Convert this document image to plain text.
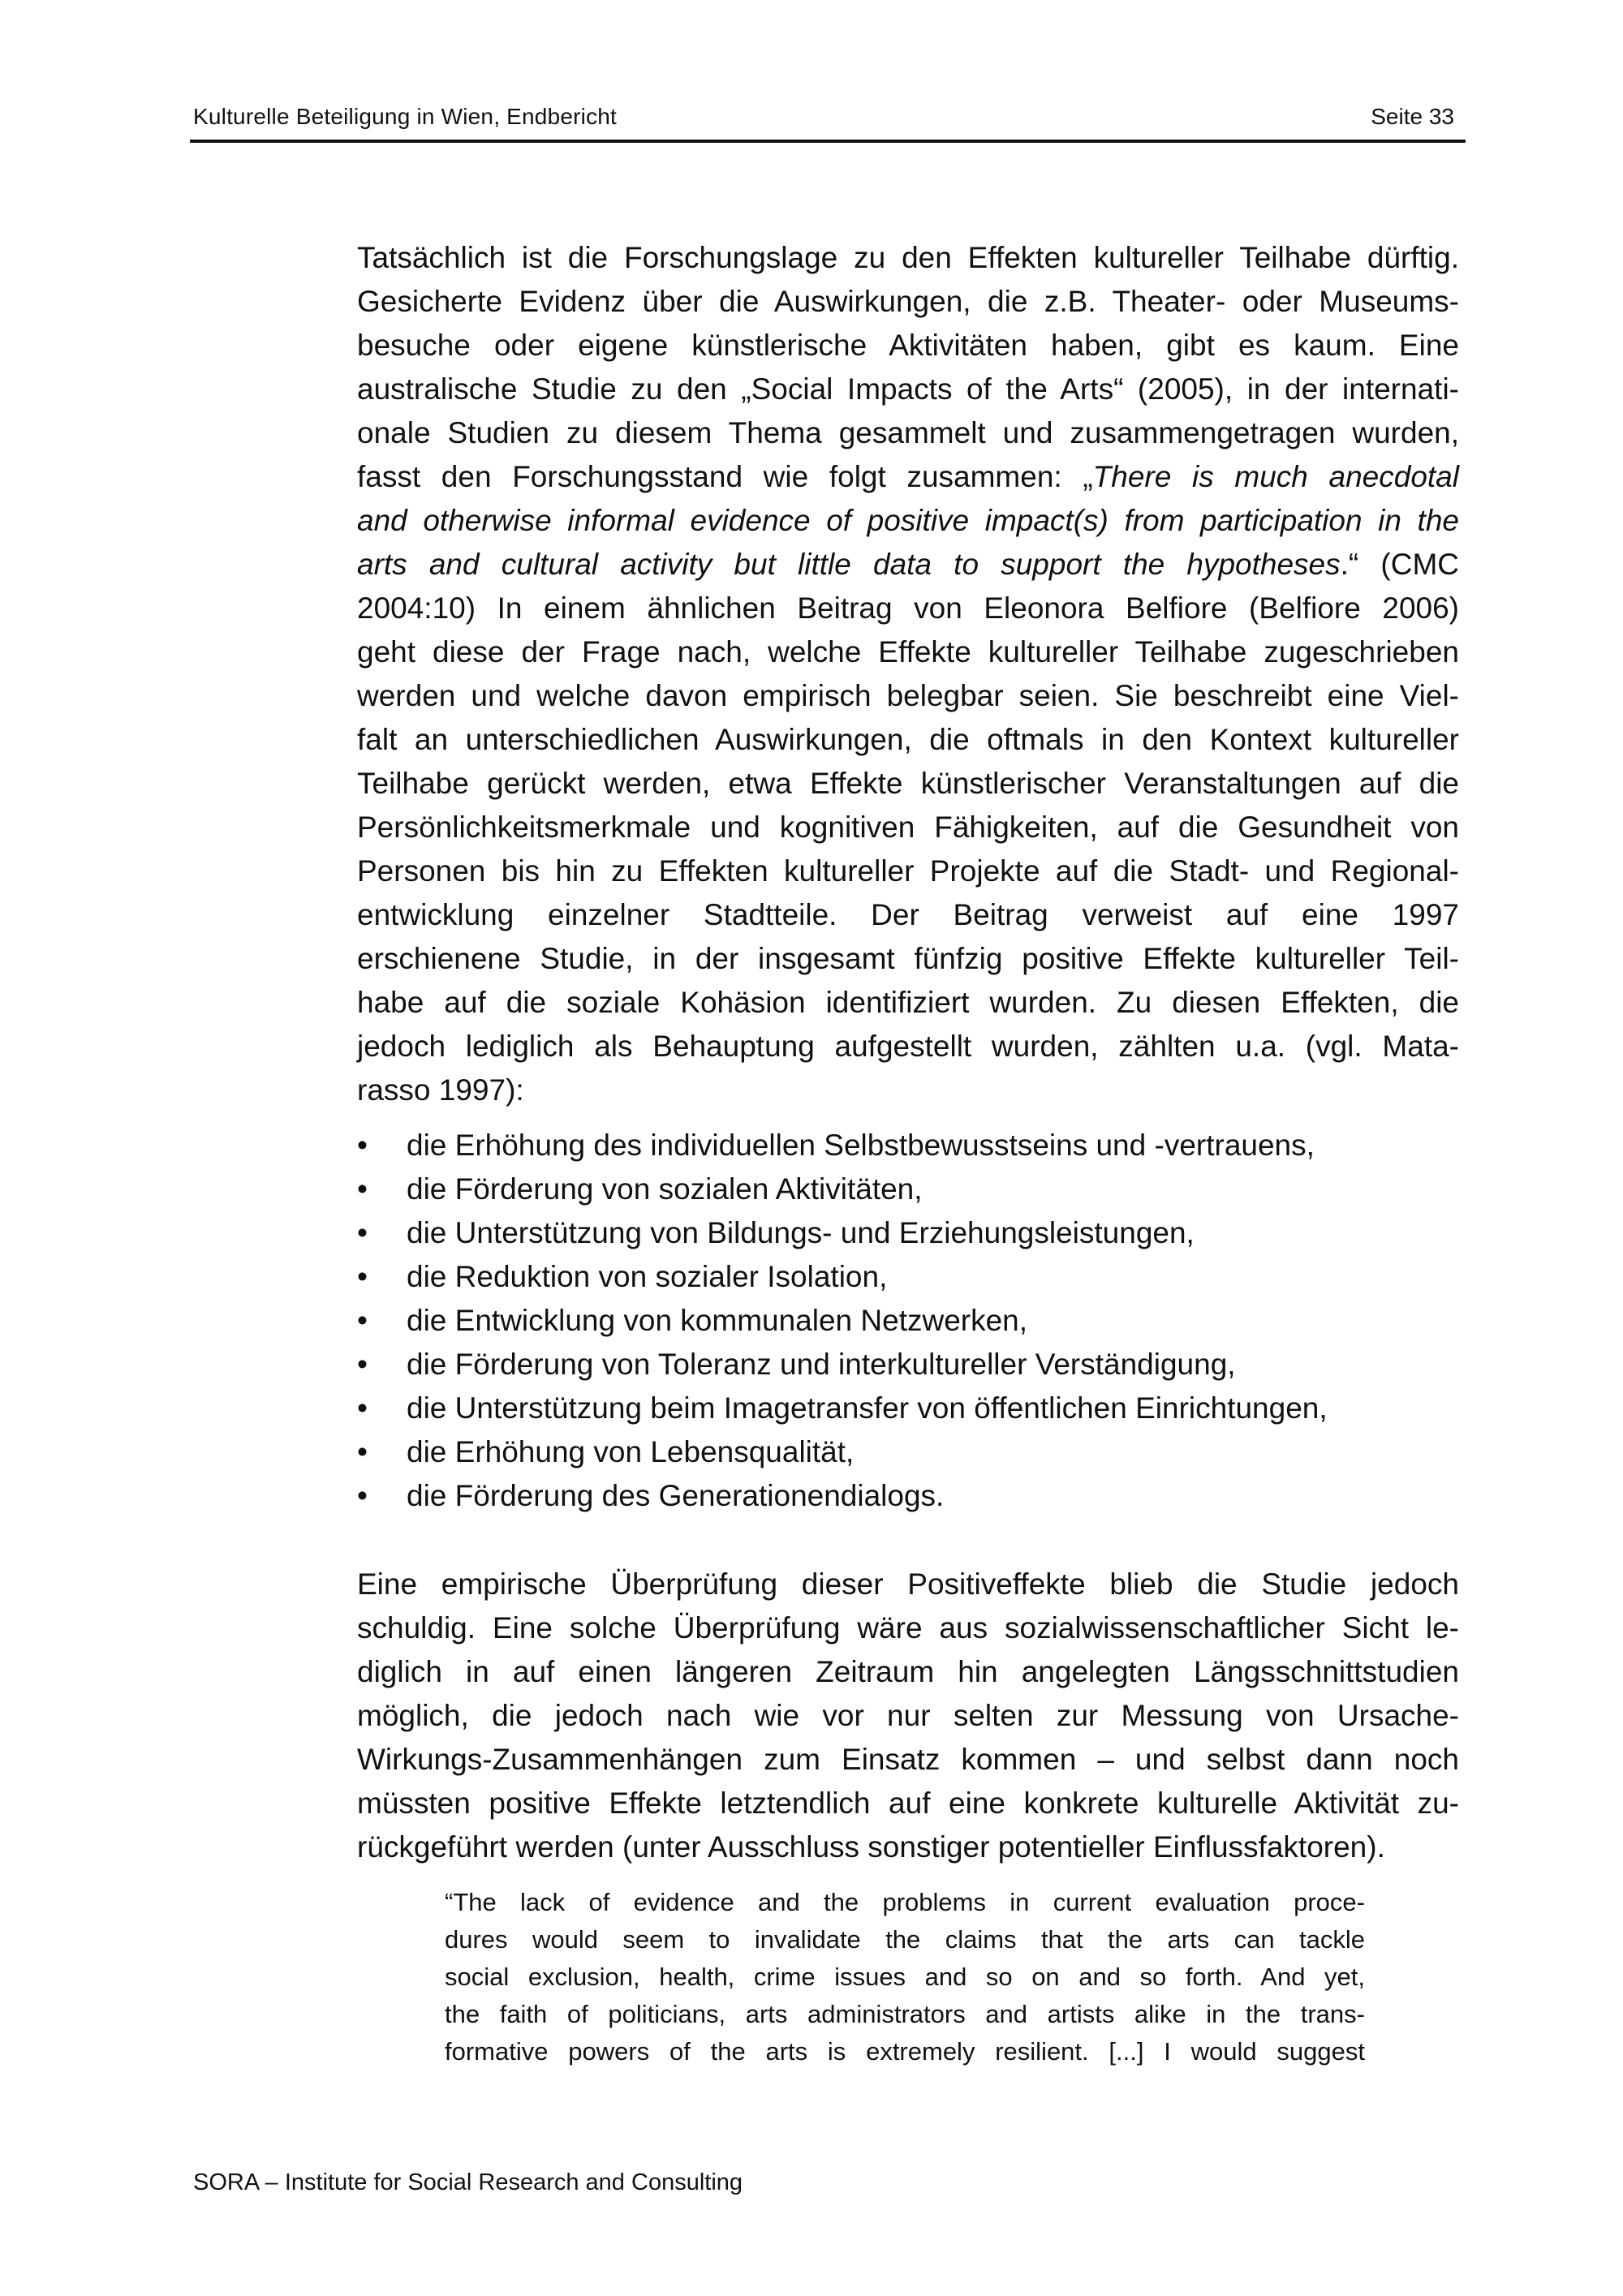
Kulturelle Beteiligung in Wien, Endbericht	Seite 33
Tatsächlich ist die Forschungslage zu den Effekten kultureller Teilhabe dürftig.
Gesicherte Evidenz über die Auswirkungen, die z.B. Theater- oder Museums-
besuche oder eigene künstlerische Aktivitäten haben, gibt es kaum. Eine
australische Studie zu den „Social Impacts of the Arts“ (2005), in der internati-
onale Studien zu diesem Thema gesammelt und zusammengetragen wurden,
fasst den Forschungsstand wie folgt zusammen: „There is much anecdotal
and otherwise informal evidence of positive impact(s) from participation in the
arts and cultural activity but little data to support the hypotheses.“ (CMC
2004:10) In einem ähnlichen Beitrag von Eleonora Belfiore (Belfiore 2006)
geht diese der Frage nach, welche Effekte kultureller Teilhabe zugeschrieben
werden und welche davon empirisch belegbar seien. Sie beschreibt eine Viel-
falt an unterschiedlichen Auswirkungen, die oftmals in den Kontext kultureller
Teilhabe gerückt werden, etwa Effekte künstlerischer Veranstaltungen auf die
Persönlichkeitsmerkmale und kognitiven Fähigkeiten, auf die Gesundheit von
Personen bis hin zu Effekten kultureller Projekte auf die Stadt- und Regional-
entwicklung einzelner Stadtteile. Der Beitrag verweist auf eine 1997
erschienene Studie, in der insgesamt fünfzig positive Effekte kultureller Teil-
habe auf die soziale Kohäsion identifiziert wurden. Zu diesen Effekten, die
jedoch lediglich als Behauptung aufgestellt wurden, zählten u.a. (vgl. Mata-
rasso 1997):
•	die Erhöhung des individuellen Selbstbewusstseins und -vertrauens,
•	die Förderung von sozialen Aktivitäten,
•	die Unterstützung von Bildungs- und Erziehungsleistungen,
•	die Reduktion von sozialer Isolation,
•	die Entwicklung von kommunalen Netzwerken,
•	die Förderung von Toleranz und interkultureller Verständigung,
•	die Unterstützung beim Imagetransfer von öffentlichen Einrichtungen,
•	die Erhöhung von Lebensqualität,
•	die Förderung des Generationendialogs.
Eine empirische Überprüfung dieser Positiveffekte blieb die Studie jedoch
schuldig. Eine solche Überprüfung wäre aus sozialwissenschaftlicher Sicht le-
diglich in auf einen längeren Zeitraum hin angelegten Längsschnittstudien
möglich, die jedoch nach wie vor nur selten zur Messung von Ursache-
Wirkungs-Zusammenhängen zum Einsatz kommen – und selbst dann noch
müssten positive Effekte letztendlich auf eine konkrete kulturelle Aktivität zu-
rückgeführt werden (unter Ausschluss sonstiger potentieller Einflussfaktoren).
“The lack of evidence and the problems in current evaluation proce-
dures would seem to invalidate the claims that the arts can tackle
social exclusion, health, crime issues and so on and so forth. And yet,
the faith of politicians, arts administrators and artists alike in the trans-
formative powers of the arts is extremely resilient. [...] I would suggest
SORA – Institute for Social Research and Consulting
